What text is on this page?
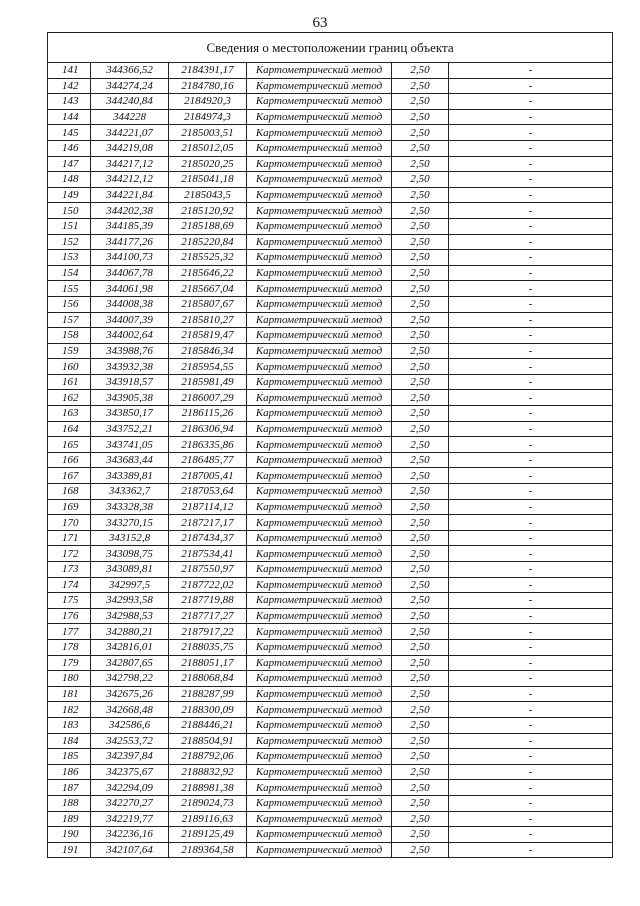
63
Сведения о местоположении границ объекта					
141	344366,52	2184391,17	Картометрический метод	2,50	-
142	344274,24	2184780,16	Картометрический метод	2,50	-
143	344240,84	2184920,3	Картометрический метод	2,50	-
144	344228	2184974,3	Картометрический метод	2,50	-
145	344221,07	2185003,51	Картометрический метод	2,50	-
146	344219,08	2185012,05	Картометрический метод	2,50	-
147	344217,12	2185020,25	Картометрический метод	2,50	-
148	344212,12	2185041,18	Картометрический метод	2,50	-
149	344221,84	2185043,5	Картометрический метод	2,50	-
150	344202,38	2185120,92	Картометрический метод	2,50	-
151	344185,39	2185188,69	Картометрический метод	2,50	-
152	344177,26	2185220,84	Картометрический метод	2,50	-
153	344100,73	2185525,32	Картометрический метод	2,50	-
154	344067,78	2185646,22	Картометрический метод	2,50	-
155	344061,98	2185667,04	Картометрический метод	2,50	-
156	344008,38	2185807,67	Картометрический метод	2,50	-
157	344007,39	2185810,27	Картометрический метод	2,50	-
158	344002,64	2185819,47	Картометрический метод	2,50	-
159	343988,76	2185846,34	Картометрический метод	2,50	-
160	343932,38	2185954,55	Картометрический метод	2,50	-
161	343918,57	2185981,49	Картометрический метод	2,50	-
162	343905,38	2186007,29	Картометрический метод	2,50	-
163	343850,17	2186115,26	Картометрический метод	2,50	-
164	343752,21	2186306,94	Картометрический метод	2,50	-
165	343741,05	2186335,86	Картометрический метод	2,50	-
166	343683,44	2186485,77	Картометрический метод	2,50	-
167	343389,81	2187005,41	Картометрический метод	2,50	-
168	343362,7	2187053,64	Картометрический метод	2,50	-
169	343328,38	2187114,12	Картометрический метод	2,50	-
170	343270,15	2187217,17	Картометрический метод	2,50	-
171	343152,8	2187434,37	Картометрический метод	2,50	-
172	343098,75	2187534,41	Картометрический метод	2,50	-
173	343089,81	2187550,97	Картометрический метод	2,50	-
174	342997,5	2187722,02	Картометрический метод	2,50	-
175	342993,58	2187719,88	Картометрический метод	2,50	-
176	342988,53	2187717,27	Картометрический метод	2,50	-
177	342880,21	2187917,22	Картометрический метод	2,50	-
178	342816,01	2188035,75	Картометрический метод	2,50	-
179	342807,65	2188051,17	Картометрический метод	2,50	-
180	342798,22	2188068,84	Картометрический метод	2,50	-
181	342675,26	2188287,99	Картометрический метод	2,50	-
182	342668,48	2188300,09	Картометрический метод	2,50	-
183	342586,6	2188446,21	Картометрический метод	2,50	-
184	342553,72	2188504,91	Картометрический метод	2,50	-
185	342397,84	2188792,06	Картометрический метод	2,50	-
186	342375,67	2188832,92	Картометрический метод	2,50	-
187	342294,09	2188981,38	Картометрический метод	2,50	-
188	342270,27	2189024,73	Картометрический метод	2,50	-
189	342219,77	2189116,63	Картометрический метод	2,50	-
190	342236,16	2189125,49	Картометрический метод	2,50	-
191	342107,64	2189364,58	Картометрический метод	2,50	-
